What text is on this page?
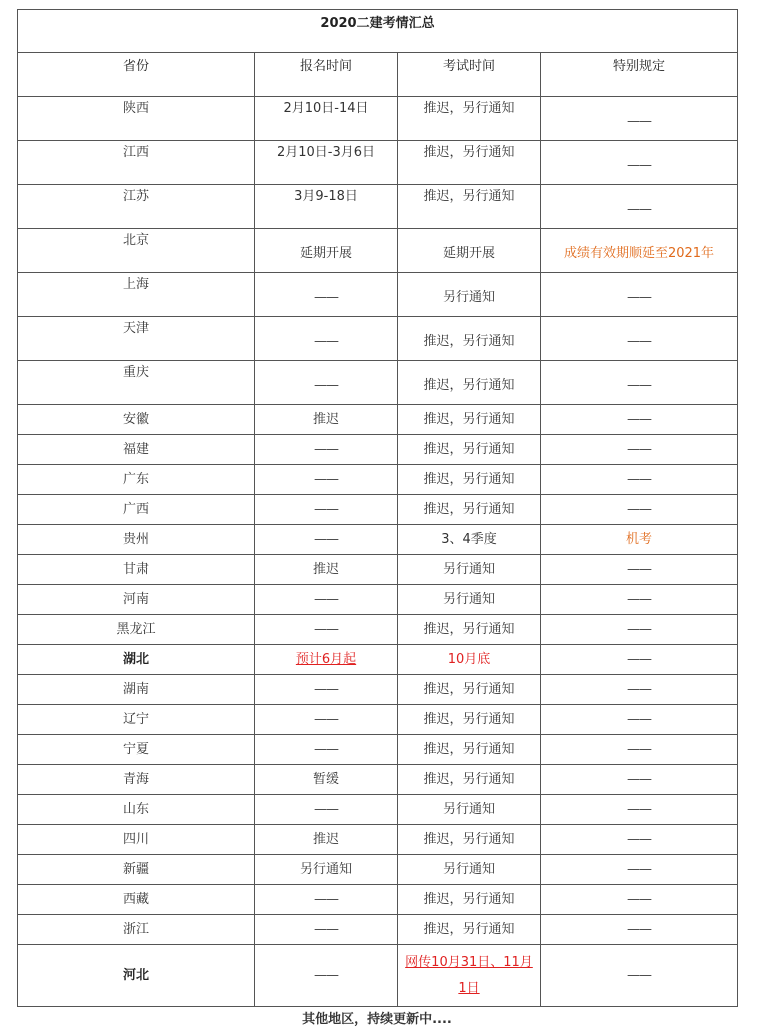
2020二建考情汇总			
省份	报名时间	考试时间	特别规定
陕西	2月10日-14日	推迟，另行通知	——
江西	2月10日-3月6日	推迟，另行通知	——
江苏	3月9-18日	推迟，另行通知	——
北京	延期开展	延期开展	成绩有效期顺延至2021年
上海	——	另行通知	——
天津	——	推迟，另行通知	——
重庆	——	推迟，另行通知	——
安徽	推迟	推迟，另行通知	——
福建	——	推迟，另行通知	——
广东	——	推迟，另行通知	——
广西	——	推迟，另行通知	——
贵州	——	3、4季度	机考
甘肃	推迟	另行通知	——
河南	——	另行通知	——
黑龙江	——	推迟，另行通知	——
湖北	预计6月起	10月底	——
湖南	——	推迟，另行通知	——
辽宁	——	推迟，另行通知	——
宁夏	——	推迟，另行通知	——
青海	暂缓	推迟，另行通知	——
山东	——	另行通知	——
四川	推迟	推迟，另行通知	——
新疆	另行通知	另行通知	——
西藏	——	推迟，另行通知	——
浙江	——	推迟，另行通知	——
河北	——	网传10月31日、11月1日	——
其他地区，持续更新中....
